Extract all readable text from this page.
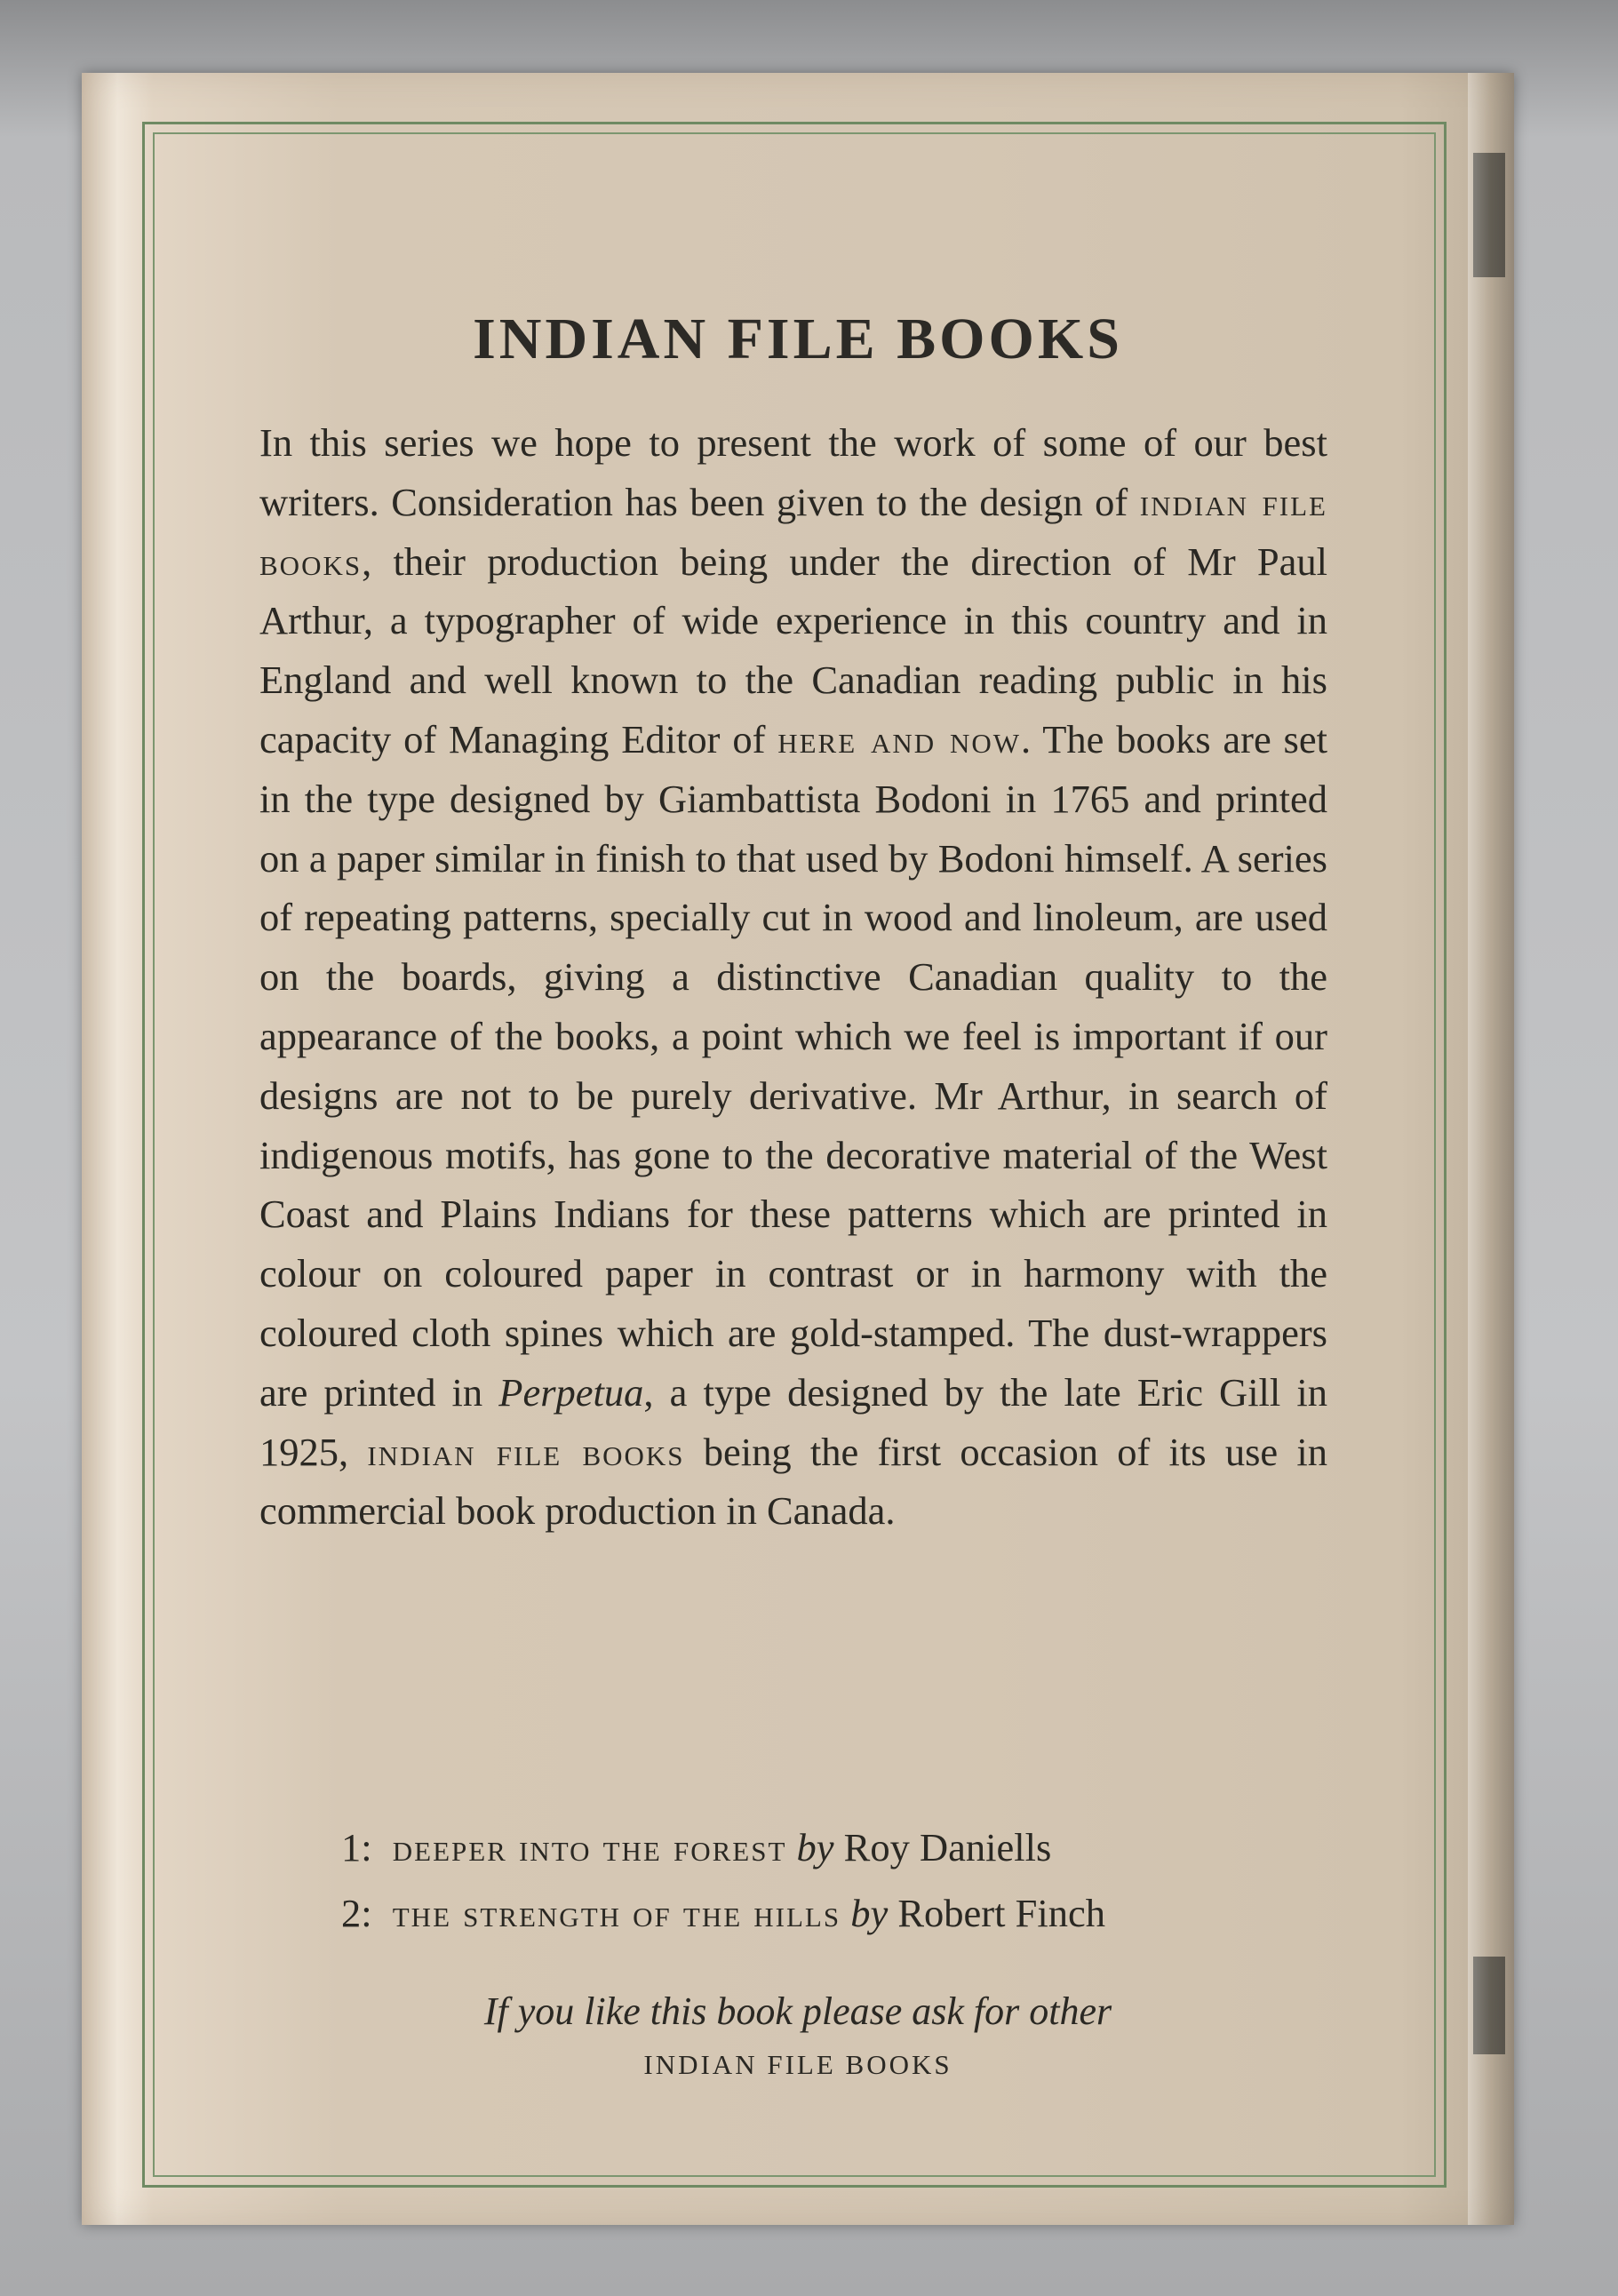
INDIAN FILE BOOKS

In this series we hope to present the work of some of our best writers. Consideration has been given to the design of indian file books, their production being under the direction of Mr Paul Arthur, a typographer of wide experience in this country and in England and well known to the Canadian reading public in his capacity of Managing Editor of here and now. The books are set in the type designed by Giambattista Bodoni in 1765 and printed on a paper similar in finish to that used by Bodoni himself. A series of repeating patterns, specially cut in wood and linoleum, are used on the boards, giving a distinctive Canadian quality to the appearance of the books, a point which we feel is important if our designs are not to be purely derivative. Mr Arthur, in search of indigenous motifs, has gone to the decorative material of the West Coast and Plains Indians for these patterns which are printed in colour on coloured paper in contrast or in harmony with the coloured cloth spines which are gold-stamped. The dust-wrappers are printed in Perpetua, a type designed by the late Eric Gill in 1925, indian file books being the first occasion of its use in commercial book production in Canada.

1: deeper into the forest by Roy Daniells
2: the strength of the hills by Robert Finch
If you like this book please ask for other
INDIAN FILE BOOKS
